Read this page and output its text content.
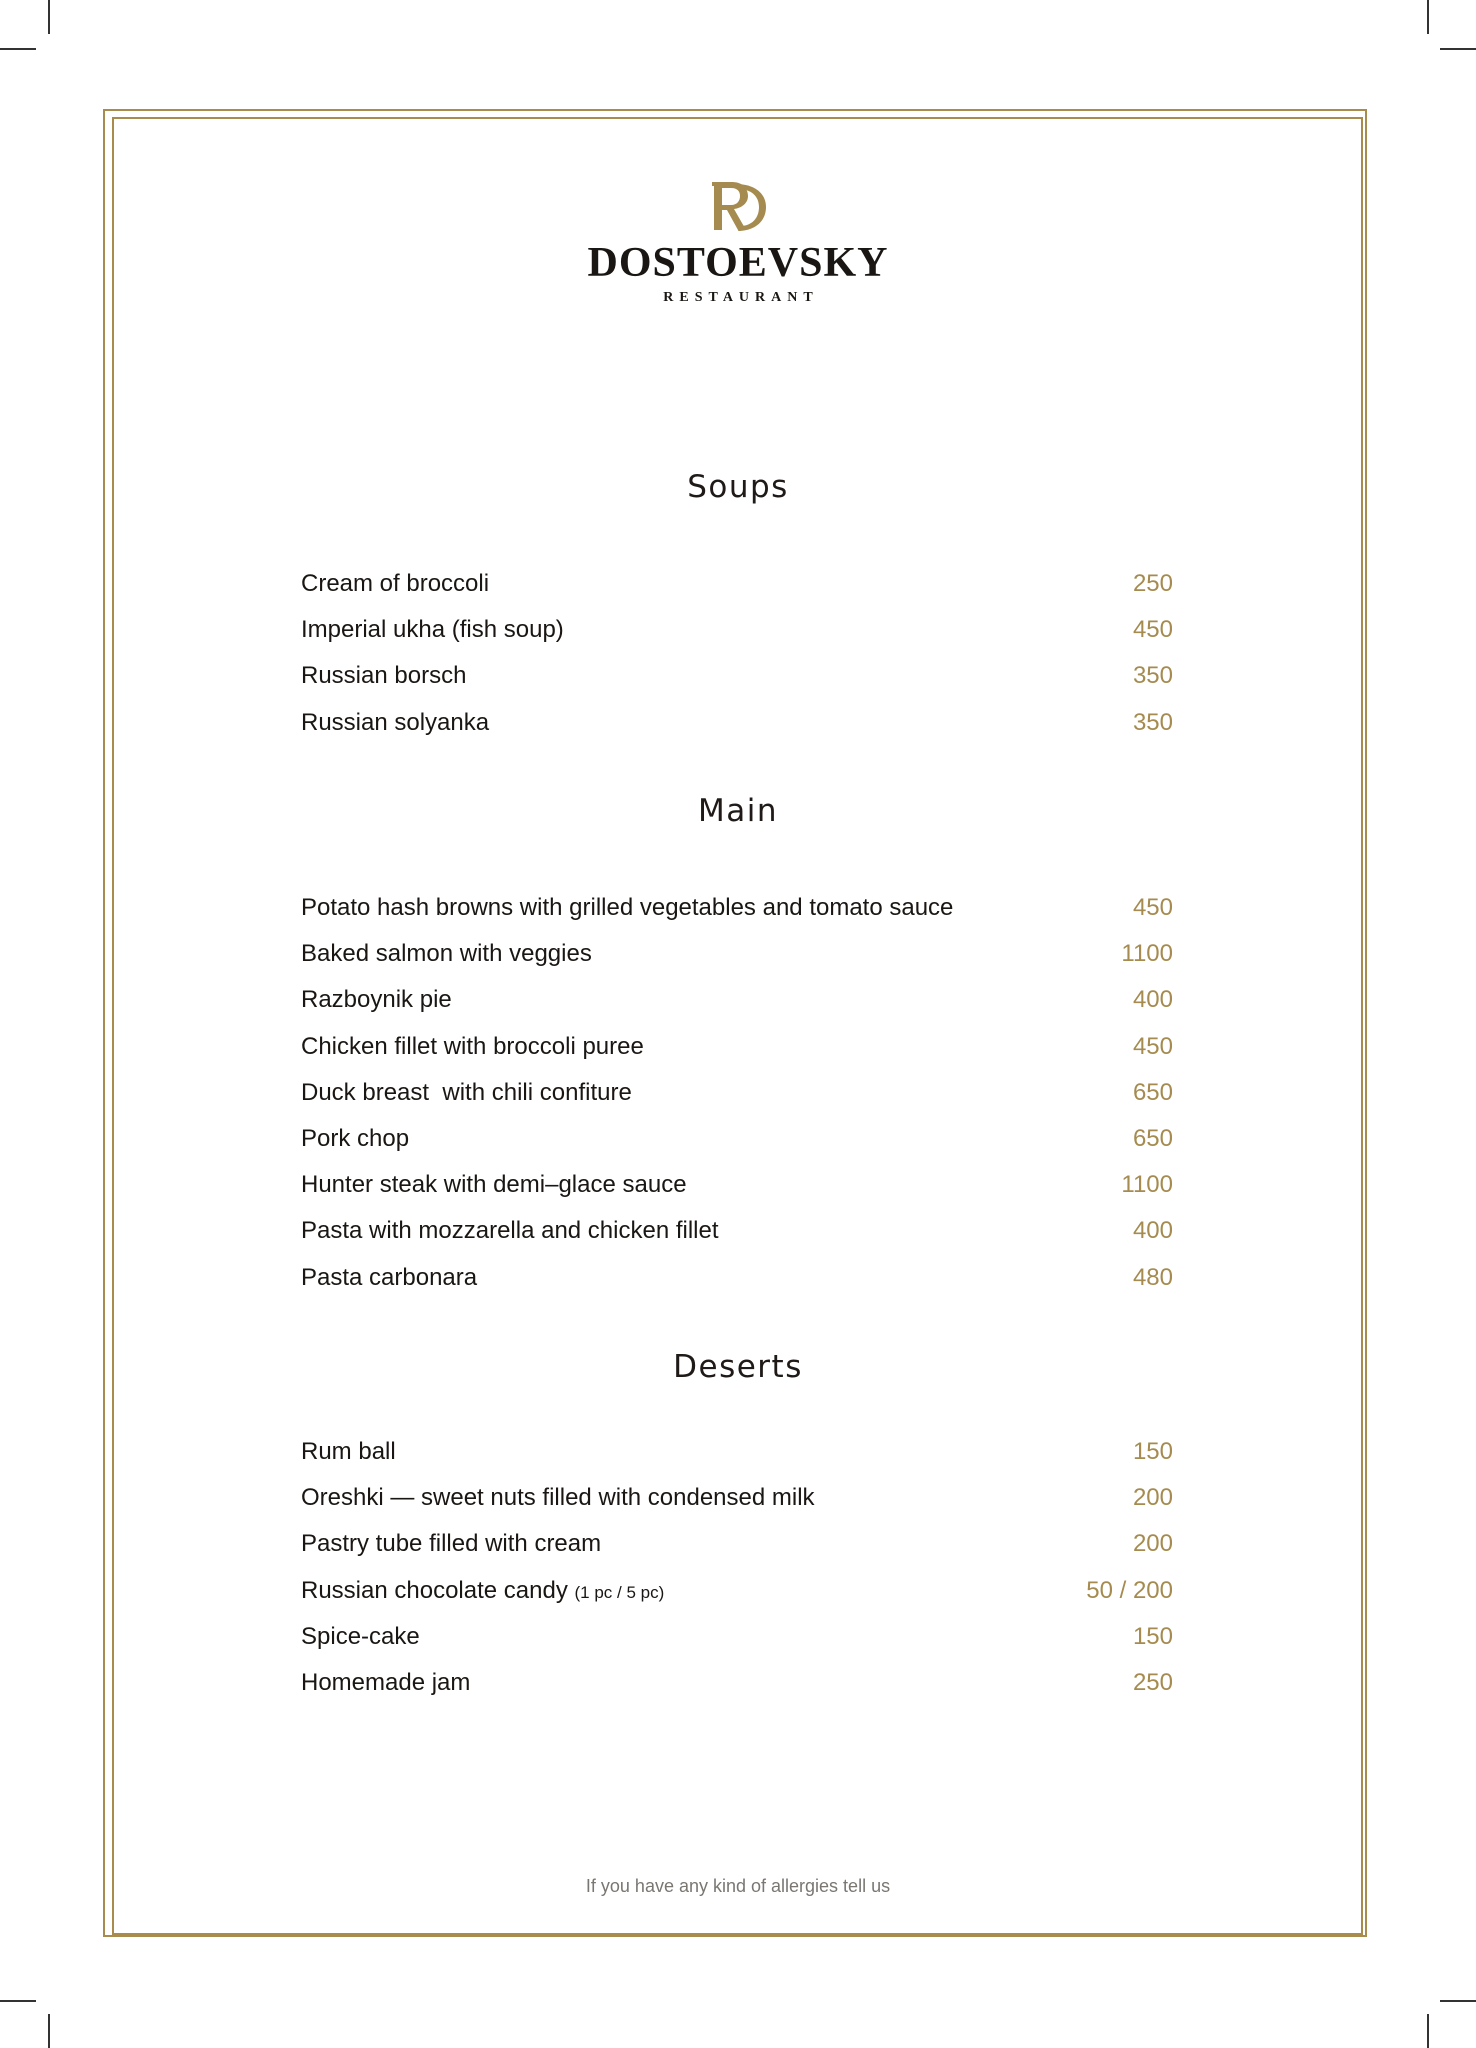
DOSTOEVSKY
RESTAURANT
Soups
Cream of broccoli	250
Imperial ukha (fish soup)	450
Russian borsch	350
Russian solyanka	350
Main
Potato hash browns with grilled vegetables and tomato sauce	450
Baked salmon with veggies	1100
Razboynik pie	400
Chicken fillet with broccoli puree	450
Duck breast  with chili confiture	650
Pork chop	650
Hunter steak with demi–glace sauce	1100
Pasta with mozzarella and chicken fillet	400
Pasta carbonara	480
Deserts
Rum ball	150
Oreshki — sweet nuts filled with condensed milk	200
Pastry tube filled with cream	200
Russian chocolate candy (1 pc / 5 pc)	50 / 200
Spice-cake	150
Homemade jam	250
If you have any kind of allergies tell us
